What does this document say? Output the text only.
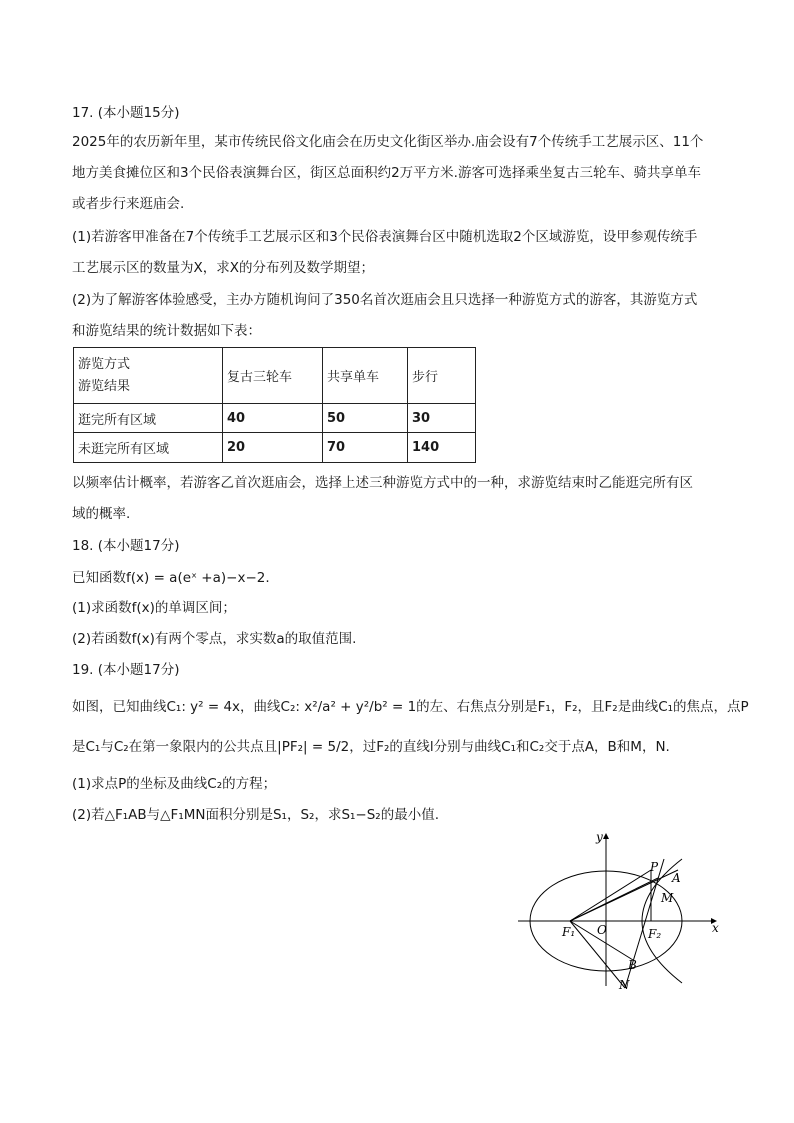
17. (本小题15分)
2025年的农历新年里，某市传统民俗文化庙会在历史文化街区举办.庙会设有7个传统手工艺展示区、11个
地方美食摊位区和3个民俗表演舞台区，街区总面积约2万平方米.游客可选择乘坐复古三轮车、骑共享单车
或者步行来逛庙会.
(1)若游客甲准备在7个传统手工艺展示区和3个民俗表演舞台区中随机选取2个区域游览，设甲参观传统手
工艺展示区的数量为X，求X的分布列及数学期望；
(2)为了解游客体验感受，主办方随机询问了350名首次逛庙会且只选择一种游览方式的游客，其游览方式
和游览结果的统计数据如下表：
游览方式
游览结果	复古三轮车	共享单车	步行
逛完所有区域	40	50	30
未逛完所有区域	20	70	140
以频率估计概率，若游客乙首次逛庙会，选择上述三种游览方式中的一种，求游览结束时乙能逛完所有区
域的概率.
18. (本小题17分)
已知函数f(x) = a(eˣ +a)−x−2.
(1)求函数f(x)的单调区间；
(2)若函数f(x)有两个零点，求实数a的取值范围.
19. (本小题17分)
如图，已知曲线C₁: y² = 4x，曲线C₂: x²/a² + y²/b² = 1的左、右焦点分别是F₁，F₂，且F₂是曲线C₁的焦点，点P
是C₁与C₂在第一象限内的公共点且|PF₂| = 5/2，过F₂的直线l分别与曲线C₁和C₂交于点A，B和M，N.
(1)求点P的坐标及曲线C₂的方程；
(2)若△F₁AB与△F₁MN面积分别是S₁，S₂，求S₁−S₂的最小值.
y
x
P
A
M
F₁ O	F₂
B
N
